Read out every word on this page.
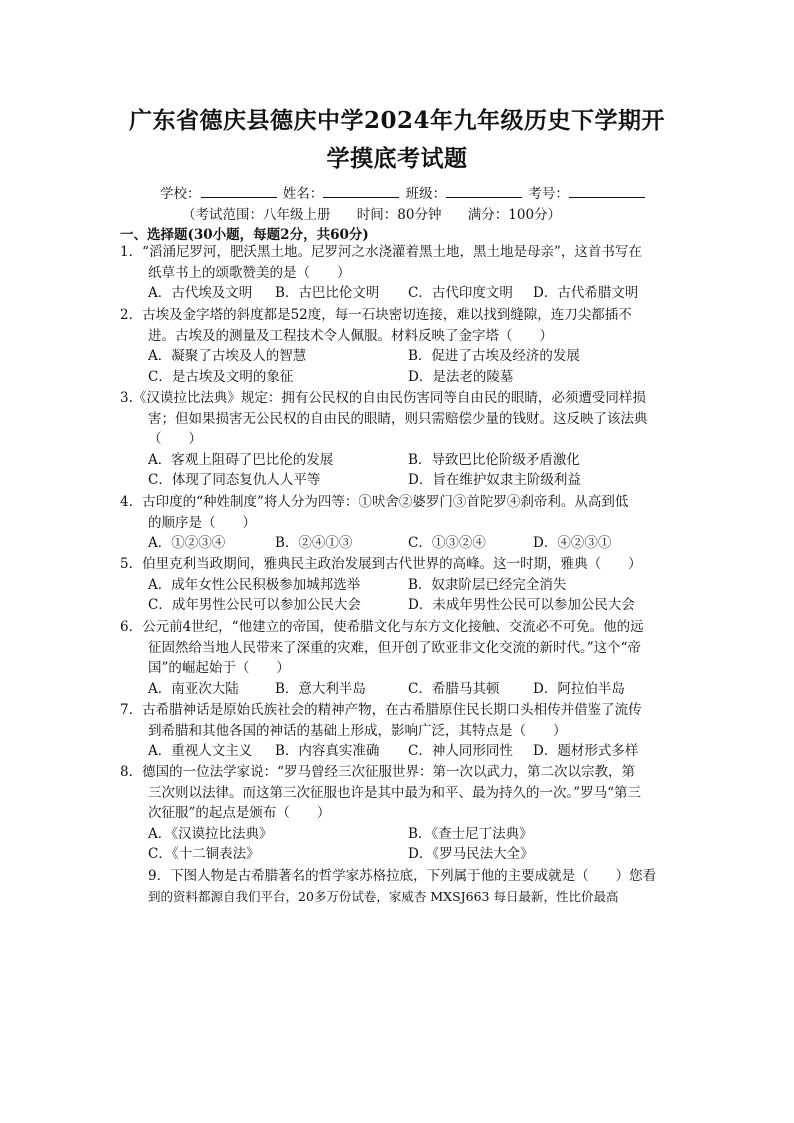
广东省德庆县德庆中学2024年九年级历史下学期开
学摸底考试题
学校：	姓名：	班级：	考号：
（考试范围：八年级上册 时间：80分钟 满分：100分）
一、选择题(30小题，每题2分，共60分)
1．“滔涌尼罗河，肥沃黑土地。尼罗河之水浇灌着黑土地，黑土地是母亲”，这首书写在
纸草书上的颂歌赞美的是（　　）
A．古代埃及文明 B．古巴比伦文明 C．古代印度文明 D．古代希腊文明
2．古埃及金字塔的斜度都是52度，每一石块密切连接，难以找到缝隙，连刀尖都插不
进。古埃及的测量及工程技术令人佩服。材料反映了金字塔（　　）
A．凝聚了古埃及人的智慧	B．促进了古埃及经济的发展
C．是古埃及文明的象征	D．是法老的陵墓
3.《汉谟拉比法典》规定：拥有公民权的自由民伤害同等自由民的眼睛，必须遭受同样损
害；但如果损害无公民权的自由民的眼睛，则只需赔偿少量的钱财。这反映了该法典
（　　）
A．客观上阻碍了巴比伦的发展	B．导致巴比伦阶级矛盾激化
C．体现了同态复仇人人平等	D．旨在维护奴隶主阶级利益
4．古印度的“种姓制度”将人分为四等：①吠舍②婆罗门③首陀罗④刹帝利。从高到低
的顺序是（　　）
A．①②③④	B．②④①③	C．①③②④	D．④②③①
5．伯里克利当政期间，雅典民主政治发展到古代世界的高峰。这一时期，雅典（　　）
A．成年女性公民积极参加城邦选举	B．奴隶阶层已经完全消失
C．成年男性公民可以参加公民大会	D．未成年男性公民可以参加公民大会
6．公元前4世纪，“他建立的帝国，使希腊文化与东方文化接触、交流必不可免。他的远
征固然给当地人民带来了深重的灾难，但开创了欧亚非文化交流的新时代。”这个“帝
国”的崛起始于（　　）
A．南亚次大陆	B．意大利半岛	C．希腊马其顿 D．阿拉伯半岛
7．古希腊神话是原始氏族社会的精神产物，在古希腊原住民长期口头相传并借鉴了流传
到希腊和其他各国的神话的基础上形成，影响广泛，其特点是（　　）
A．重视人文主义 B．内容真实准确 C．神人同形同性 D．题材形式多样
8．德国的一位法学家说：“罗马曾经三次征服世界：第一次以武力，第二次以宗教，第
三次则以法律。而这第三次征服也许是其中最为和平、最为持久的一次。”罗马“第三
次征服”的起点是颁布（　　）
A．《汉谟拉比法典》	B．《查士尼丁法典》
C．《十二铜表法》	D．《罗马民法大全》
9．下图人物是古希腊著名的哲学家苏格拉底，下列属于他的主要成就是（　　）您看
到的资料都源自我们平台，20多万份试卷，家威杏 MXSJ663 每日最新，性比价最高
